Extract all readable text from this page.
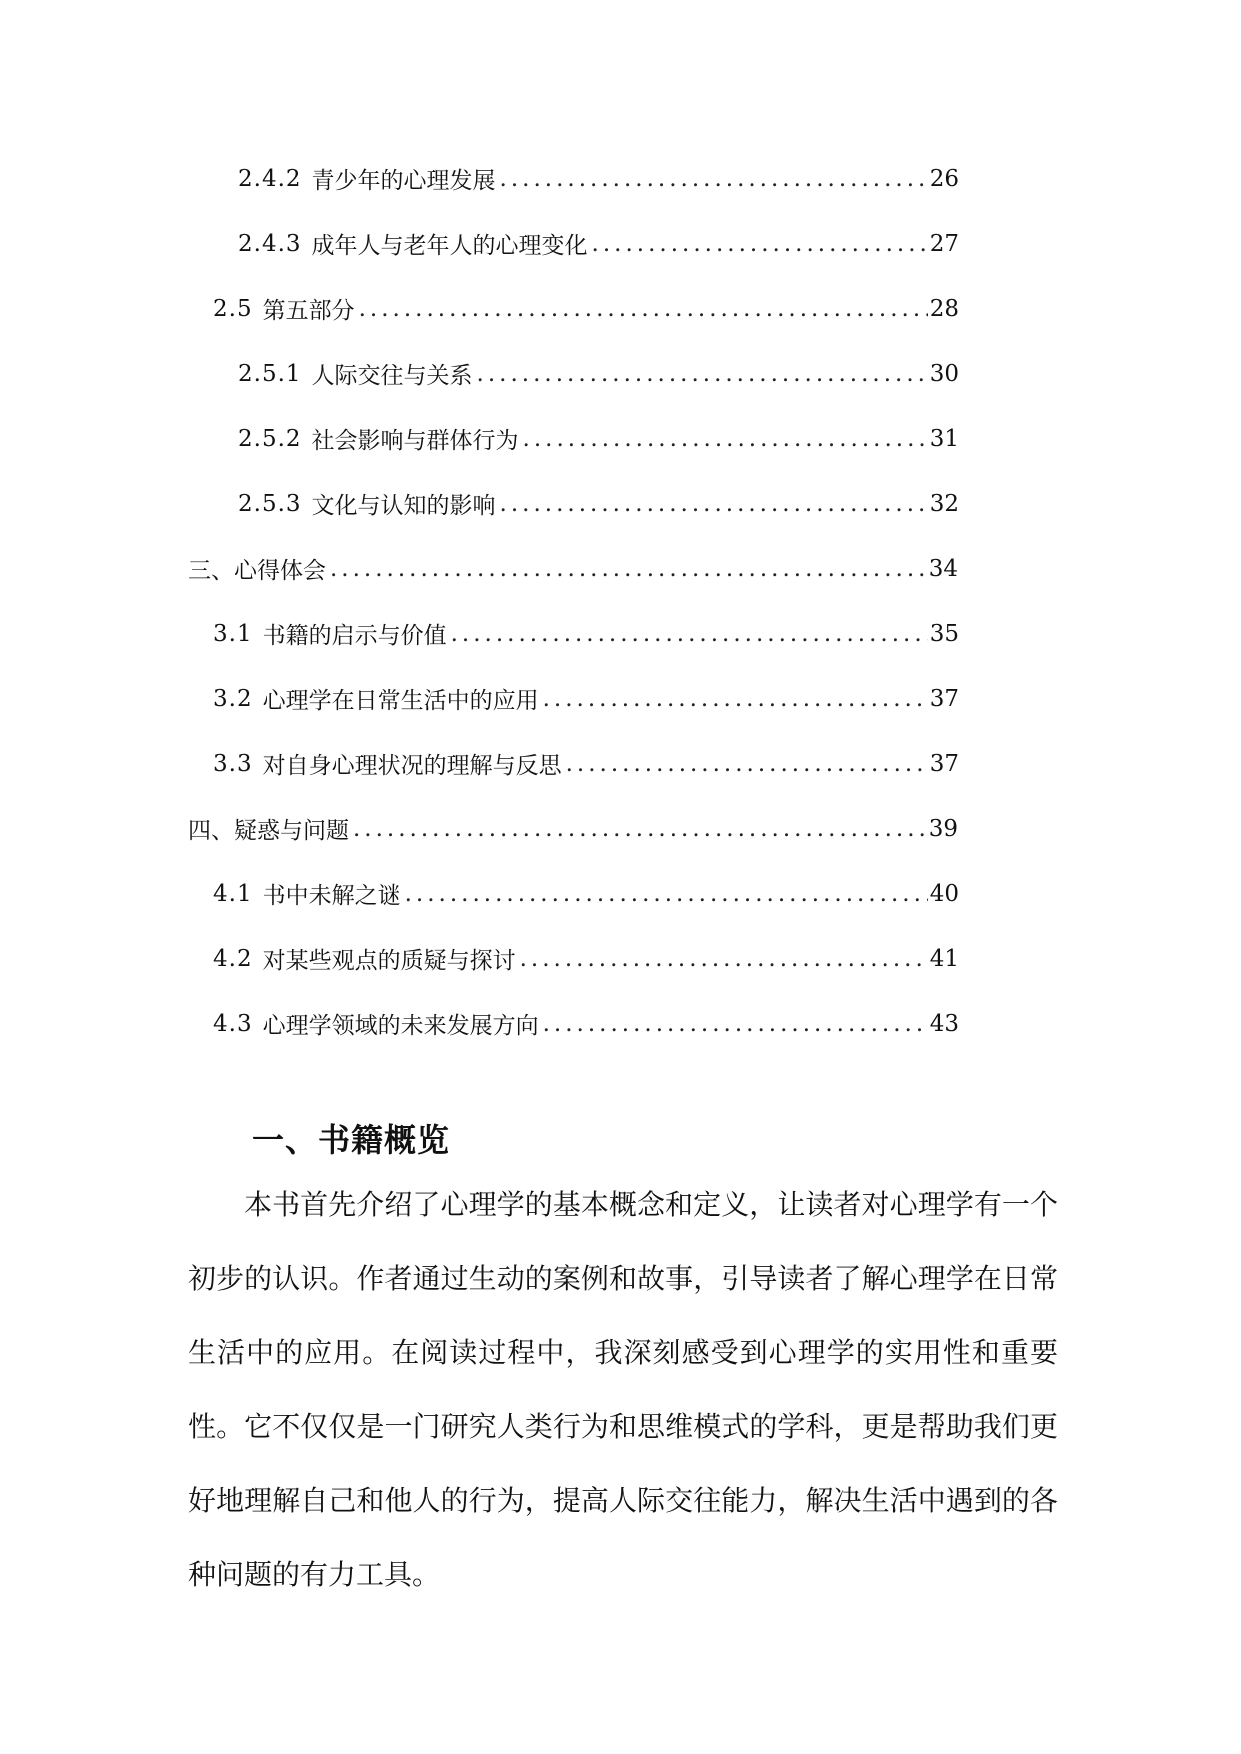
2.4.2 青少年的心理发展 .....	26
2.4.3 成年人与老年人的心理变化 .....	27
2.5 第五部分 .....	28
2.5.1 人际交往与关系 .....	30
2.5.2 社会影响与群体行为 .....	31
2.5.3 文化与认知的影响 .....	32
三、心得体会 .....	34
3.1 书籍的启示与价值 .....	35
3.2 心理学在日常生活中的应用 .....	37
3.3 对自身心理状况的理解与反思 .....	37
四、疑惑与问题 .....	39
4.1 书中未解之谜 .....	40
4.2 对某些观点的质疑与探讨 .....	41
4.3 心理学领域的未来发展方向 .....	43
一、书籍概览

本书首先介绍了心理学的基本概念和定义，让读者对心理学有一个初步的认识。作者通过生动的案例和故事，引导读者了解心理学在日常生活中的应用。在阅读过程中，我深刻感受到心理学的实用性和重要性。它不仅仅是一门研究人类行为和思维模式的学科，更是帮助我们更好地理解自己和他人的行为，提高人际交往能力，解决生活中遇到的各种问题的有力工具。
